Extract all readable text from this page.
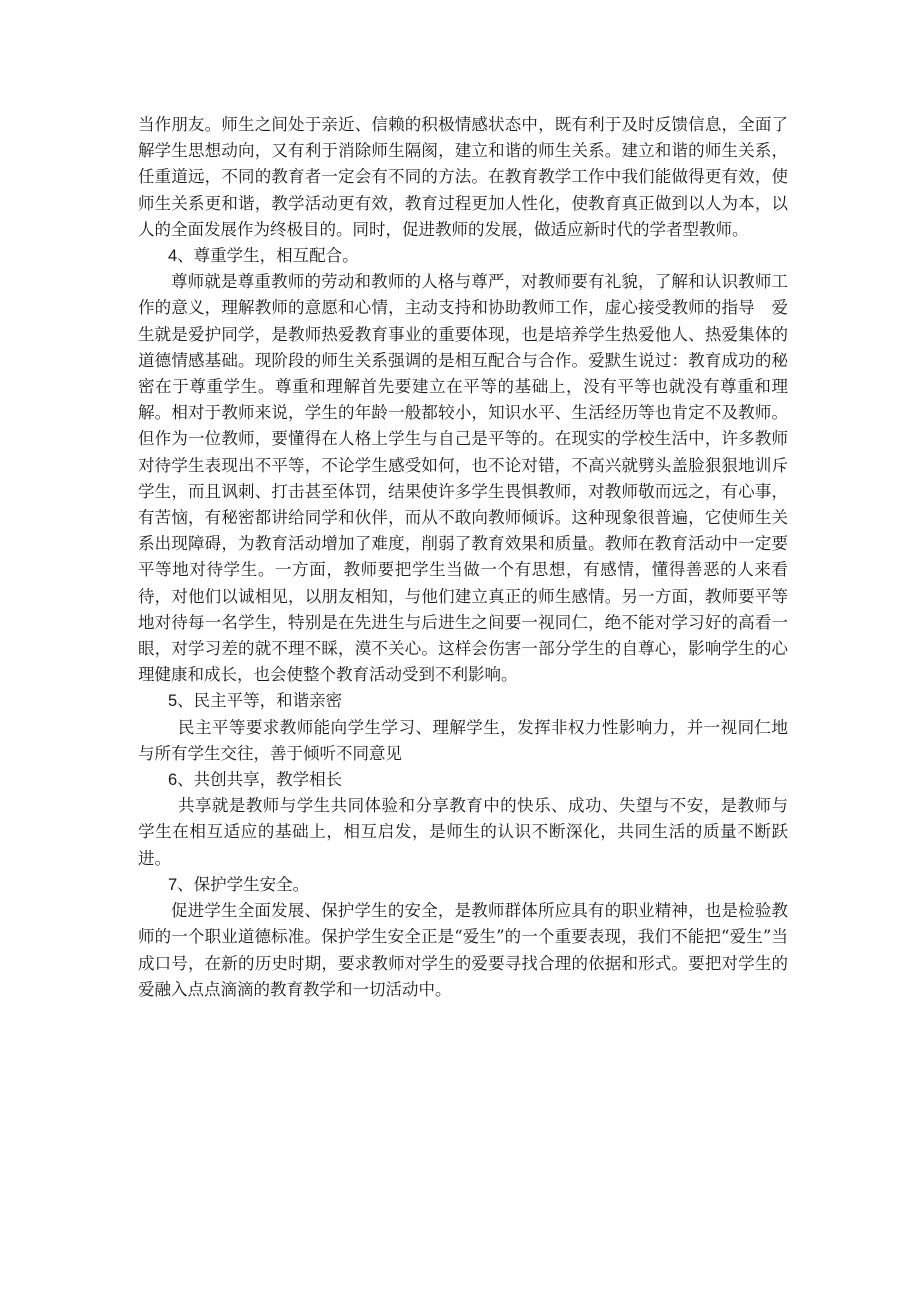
当作朋友。师生之间处于亲近、信赖的积极情感状态中，既有利于及时反馈信息，全面了解学生思想动向，又有利于消除师生隔阂，建立和谐的师生关系。建立和谐的师生关系，任重道远，不同的教育者一定会有不同的方法。在教育教学工作中我们能做得更有效，使师生关系更和谐，教学活动更有效，教育过程更加人性化，使教育真正做到以人为本，以人的全面发展作为终极目的。同时，促进教师的发展，做适应新时代的学者型教师。

4、尊重学生，相互配合。

尊师就是尊重教师的劳动和教师的人格与尊严，对教师要有礼貌，了解和认识教师工作的意义，理解教师的意愿和心情，主动支持和协助教师工作，虚心接受教师的指导　爱生就是爱护同学，是教师热爱教育事业的重要体现，也是培养学生热爱他人、热爱集体的道德情感基础。现阶段的师生关系强调的是相互配合与合作。爱默生说过：教育成功的秘密在于尊重学生。尊重和理解首先要建立在平等的基础上，没有平等也就没有尊重和理解。相对于教师来说，学生的年龄一般都较小，知识水平、生活经历等也肯定不及教师。但作为一位教师，要懂得在人格上学生与自己是平等的。在现实的学校生活中，许多教师对待学生表现出不平等，不论学生感受如何，也不论对错，不高兴就劈头盖脸狠狠地训斥学生，而且讽刺、打击甚至体罚，结果使许多学生畏惧教师，对教师敬而远之，有心事，有苦恼，有秘密都讲给同学和伙伴，而从不敢向教师倾诉。这种现象很普遍，它使师生关系出现障碍，为教育活动增加了难度，削弱了教育效果和质量。教师在教育活动中一定要平等地对待学生。一方面，教师要把学生当做一个有思想，有感情，懂得善恶的人来看待，对他们以诚相见，以朋友相知，与他们建立真正的师生感情。另一方面，教师要平等地对待每一名学生，特别是在先进生与后进生之间要一视同仁，绝不能对学习好的高看一眼，对学习差的就不理不睬，漠不关心。这样会伤害一部分学生的自尊心，影响学生的心理健康和成长，也会使整个教育活动受到不利影响。

5、民主平等，和谐亲密

民主平等要求教师能向学生学习、理解学生，发挥非权力性影响力，并一视同仁地与所有学生交往，善于倾听不同意见

6、共创共享，教学相长

共享就是教师与学生共同体验和分享教育中的快乐、成功、失望与不安，是教师与学生在相互适应的基础上，相互启发，是师生的认识不断深化，共同生活的质量不断跃进。

7、保护学生安全。

促进学生全面发展、保护学生的安全，是教师群体所应具有的职业精神，也是检验教师的一个职业道德标准。保护学生安全正是“爱生”的一个重要表现，我们不能把“爱生”当成口号，在新的历史时期，要求教师对学生的爱要寻找合理的依据和形式。要把对学生的爱融入点点滴滴的教育教学和一切活动中。
